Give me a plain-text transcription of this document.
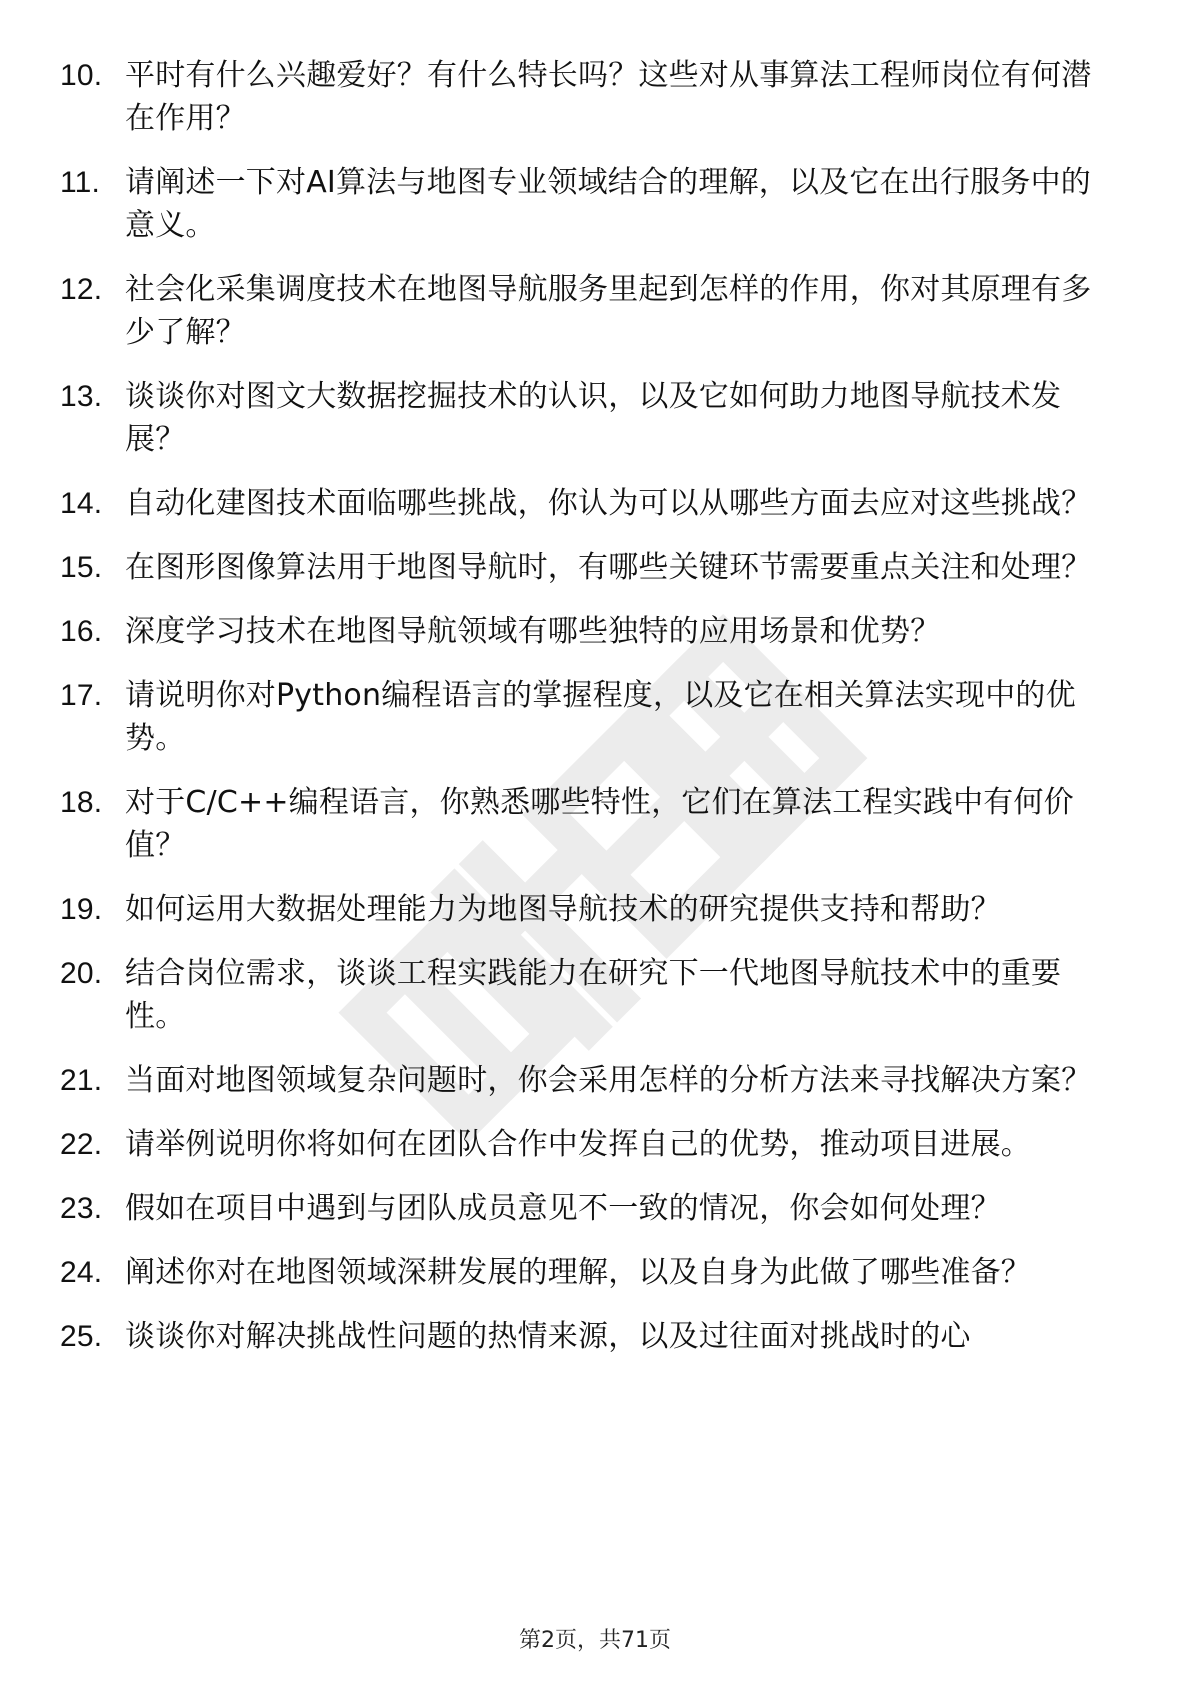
10. 平时有什么兴趣爱好？有什么特长吗？这些对从事算法工程师岗位有何潜在作用？
11. 请阐述一下对AI算法与地图专业领域结合的理解，以及它在出行服务中的意义。
12. 社会化采集调度技术在地图导航服务里起到怎样的作用，你对其原理有多少了解？
13. 谈谈你对图文大数据挖掘技术的认识，以及它如何助力地图导航技术发展？
14. 自动化建图技术面临哪些挑战，你认为可以从哪些方面去应对这些挑战？
15. 在图形图像算法用于地图导航时，有哪些关键环节需要重点关注和处理？
16. 深度学习技术在地图导航领域有哪些独特的应用场景和优势？
17. 请说明你对Python编程语言的掌握程度，以及它在相关算法实现中的优势。
18. 对于C/C++编程语言，你熟悉哪些特性，它们在算法工程实践中有何价值？
19. 如何运用大数据处理能力为地图导航技术的研究提供支持和帮助？
20. 结合岗位需求，谈谈工程实践能力在研究下一代地图导航技术中的重要性。
21. 当面对地图领域复杂问题时，你会采用怎样的分析方法来寻找解决方案？
22. 请举例说明你将如何在团队合作中发挥自己的优势，推动项目进展。
23. 假如在项目中遇到与团队成员意见不一致的情况，你会如何处理？
24. 阐述你对在地图领域深耕发展的理解，以及自身为此做了哪些准备？
25. 谈谈你对解决挑战性问题的热情来源，以及过往面对挑战时的心
第2页，共71页
